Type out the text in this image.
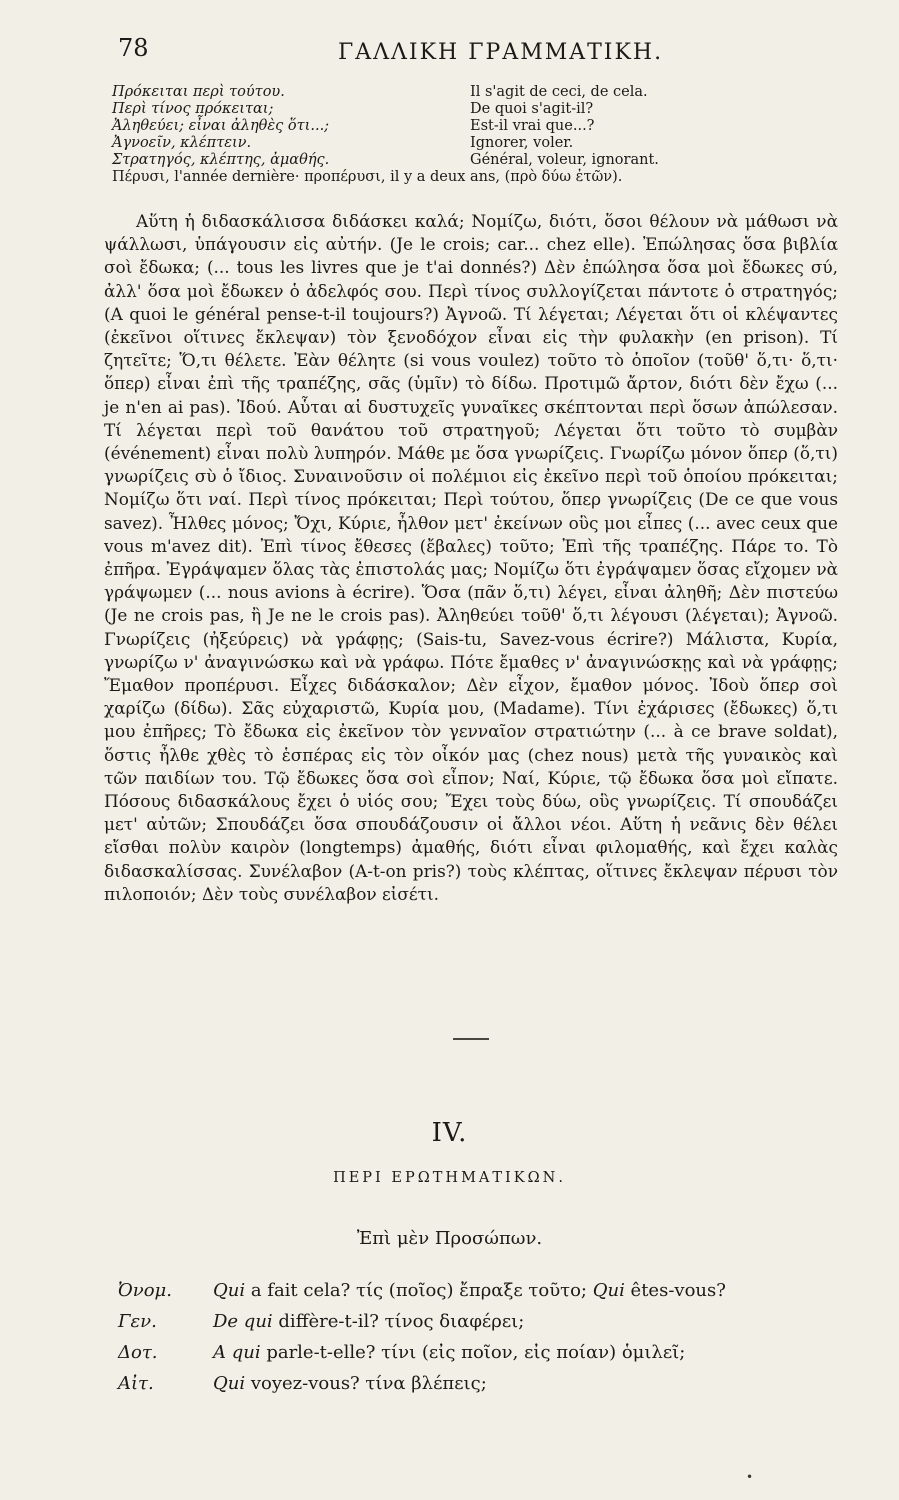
78	ΓΑΛΛΙΚΗ ΓΡΑΜΜΑΤΙΚΗ.
Πρόκειται περὶ τούτου.	Il s'agit de ceci, de cela.
Περὶ τίνος πρόκειται;	De quoi s'agit-il?
Ἀληθεύει; εἶναι ἀληθὲς ὅτι...;	Est-il vrai que...?
Ἀγνοεῖν, κλέπτειν.	Ignorer, voler.
Στρατηγός, κλέπτης, ἀμαθής.	Général, voleur, ignorant.
Πέρυσι, l'année dernière· προπέρυσι, il y a deux ans, (πρὸ δύω ἐτῶν).

Αὕτη ἡ διδασκάλισσα διδάσκει καλά; Νομίζω, διότι, ὅσοι θέλουν νὰ μάθωσι νὰ ψάλλωσι, ὑπάγουσιν εἰς αὐτήν. (Je le crois; car... chez elle). Ἐπώλησας ὅσα βιβλία σοὶ ἔδωκα; (... tous les livres que je t'ai donnés?) Δὲν ἐπώλησα ὅσα μοὶ ἔδωκες σύ, ἀλλ' ὅσα μοὶ ἔδωκεν ὁ ἀδελφός σου. Περὶ τίνος συλλογίζεται πάντοτε ὁ στρατηγός; (A quoi le général pense-t-il toujours?) Ἀγνοῶ. Τί λέγεται; Λέγεται ὅτι οἱ κλέψαντες (ἐκεῖνοι οἵτινες ἔκλεψαν) τὸν ξενοδόχον εἶναι εἰς τὴν φυλακὴν (en prison). Τί ζητεῖτε; Ὅ,τι θέλετε. Ἐὰν θέλητε (si vous voulez) τοῦτο τὸ ὁποῖον (τοῦθ' ὅ,τι· ὅ,τι· ὅπερ) εἶναι ἐπὶ τῆς τραπέζης, σᾶς (ὑμῖν) τὸ δίδω. Προτιμῶ ἄρτον, διότι δὲν ἔχω (... je n'en ai pas). Ἰδού. Αὗται αἱ δυστυχεῖς γυναῖκες σκέπτονται περὶ ὅσων ἀπώλεσαν. Τί λέγεται περὶ τοῦ θανάτου τοῦ στρατηγοῦ; Λέγεται ὅτι τοῦτο τὸ συμβὰν (événement) εἶναι πολὺ λυπηρόν. Μάθε με ὅσα γνωρίζεις. Γνωρίζω μόνον ὅπερ (ὅ,τι) γνωρίζεις σὺ ὁ ἴδιος. Συναινοῦσιν οἱ πολέμιοι εἰς ἐκεῖνο περὶ τοῦ ὁποίου πρόκειται; Νομίζω ὅτι ναί. Περὶ τίνος πρόκειται; Περὶ τούτου, ὅπερ γνωρίζεις (De ce que vous savez). Ἦλθες μόνος; Ὄχι, Κύριε, ἦλθον μετ' ἐκείνων οὓς μοι εἶπες (... avec ceux que vous m'avez dit). Ἐπὶ τίνος ἔθεσες (ἔβαλες) τοῦτο; Ἐπὶ τῆς τραπέζης. Πάρε το. Τὸ ἐπῆρα. Ἐγράψαμεν ὅλας τὰς ἐπιστολάς μας; Νομίζω ὅτι ἐγράψαμεν ὅσας εἴχομεν νὰ γράψωμεν (... nous avions à écrire). Ὅσα (πᾶν ὅ,τι) λέγει, εἶναι ἀληθῆ; Δὲν πιστεύω (Je ne crois pas, ἢ Je ne le crois pas). Ἀληθεύει τοῦθ' ὅ,τι λέγουσι (λέγεται); Ἀγνοῶ. Γνωρίζεις (ἠξεύρεις) νὰ γράφῃς; (Sais-tu, Savez-vous écrire?) Μάλιστα, Κυρία, γνωρίζω ν' ἀναγινώσκω καὶ νὰ γράφω. Πότε ἔμαθες ν' ἀναγινώσκῃς καὶ νὰ γράφῃς; Ἔμαθον προπέρυσι. Εἶχες διδάσκαλον; Δὲν εἶχον, ἔμαθον μόνος. Ἰδοὺ ὅπερ σοὶ χαρίζω (δίδω). Σᾶς εὐχαριστῶ, Κυρία μου, (Madame). Τίνι ἐχάρισες (ἔδωκες) ὅ,τι μου ἐπῆρες; Τὸ ἔδωκα εἰς ἐκεῖνον τὸν γενναῖον στρατιώτην (... à ce brave soldat), ὅστις ἦλθε χθὲς τὸ ἑσπέρας εἰς τὸν οἶκόν μας (chez nous) μετὰ τῆς γυναικὸς καὶ τῶν παιδίων του. Τῷ ἔδωκες ὅσα σοὶ εἶπον; Ναί, Κύριε, τῷ ἔδωκα ὅσα μοὶ εἴπατε. Πόσους διδασκάλους ἔχει ὁ υἱός σου; Ἔχει τοὺς δύω, οὓς γνωρίζεις. Τί σπουδάζει μετ' αὐτῶν; Σπουδάζει ὅσα σπουδάζουσιν οἱ ἄλλοι νέοι. Αὕτη ἡ νεᾶνις δὲν θέλει εἴσθαι πολὺν καιρὸν (longtemps) ἀμαθής, διότι εἶναι φιλομαθής, καὶ ἔχει καλὰς διδασκαλίσσας. Συνέλαβον (A-t-on pris?) τοὺς κλέπτας, οἵτινες ἔκλεψαν πέρυσι τὸν πιλοποιόν; Δὲν τοὺς συνέλαβον εἰσέτι.

IV.
ΠΕΡΙ ΕΡΩΤΗΜΑΤΙΚΩΝ.
Ἐπὶ μὲν Προσώπων.
Ὀνομ. Qui a fait cela? τίς (ποῖος) ἔπραξε τοῦτο; Qui êtes-vous?
Γεν.	De qui diffère-t-il? τίνος διαφέρει;
Δοτ.	A qui parle-t-elle? τίνι (εἰς ποῖον, εἰς ποίαν) ὁμιλεῖ;
Αἰτ.	Qui voyez-vous? τίνα βλέπεις;
•
